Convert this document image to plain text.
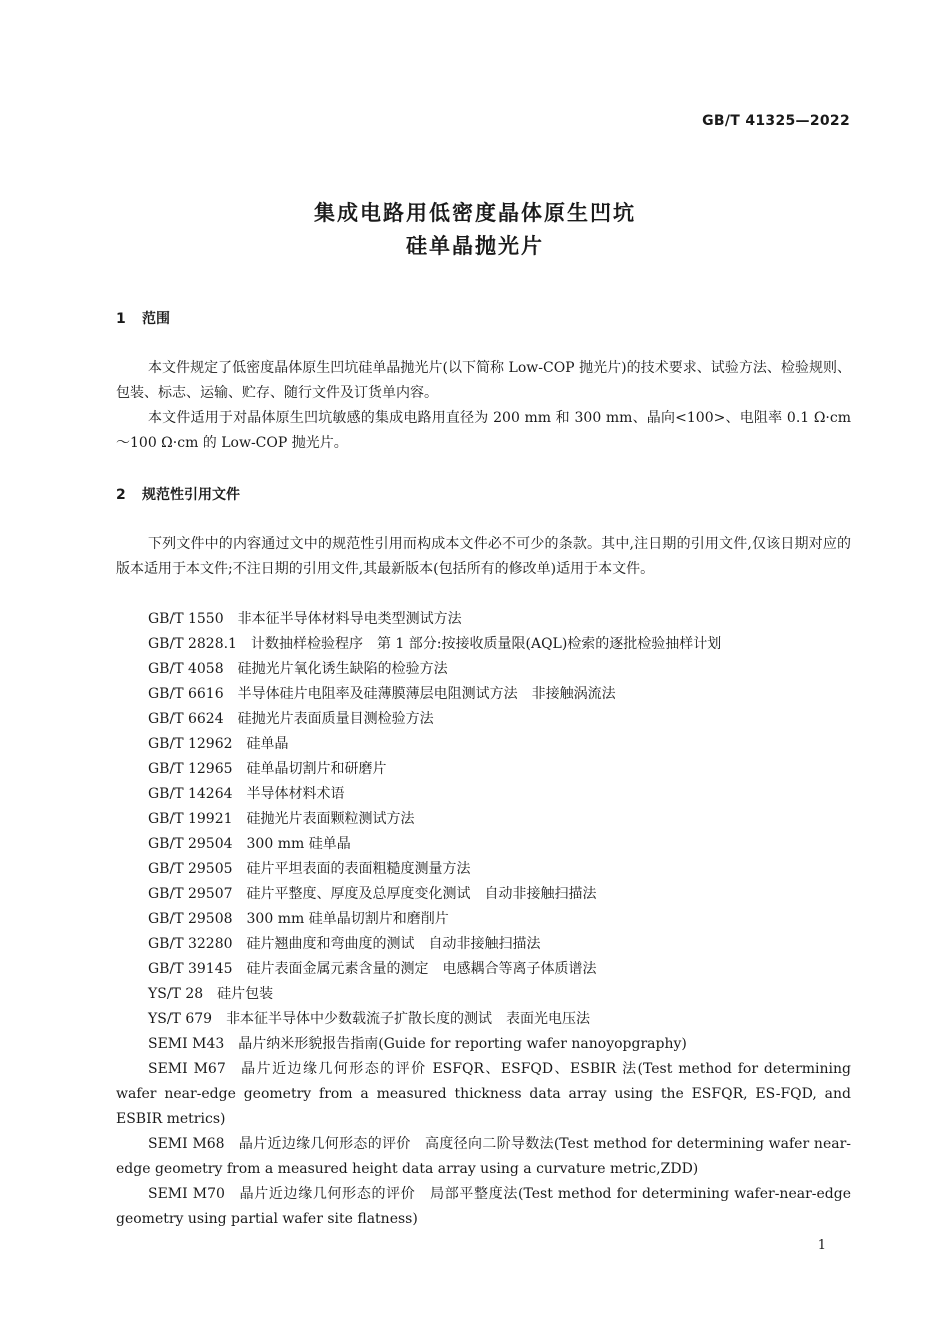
GB/T 41325—2022
集成电路用低密度晶体原生凹坑
硅单晶抛光片
1 范围

本文件规定了低密度晶体原生凹坑硅单晶抛光片(以下简称 Low-COP 抛光片)的技术要求、试验方法、检验规则、包装、标志、运输、贮存、随行文件及订货单内容。

本文件适用于对晶体原生凹坑敏感的集成电路用直径为 200 mm 和 300 mm、晶向<100>、电阻率 0.1 Ω·cm～100 Ω·cm 的 Low-COP 抛光片。

2 规范性引用文件

下列文件中的内容通过文中的规范性引用而构成本文件必不可少的条款。其中,注日期的引用文件,仅该日期对应的版本适用于本文件;不注日期的引用文件,其最新版本(包括所有的修改单)适用于本文件。

GB/T 1550 非本征半导体材料导电类型测试方法
GB/T 2828.1 计数抽样检验程序　第 1 部分:按接收质量限(AQL)检索的逐批检验抽样计划
GB/T 4058 硅抛光片氧化诱生缺陷的检验方法
GB/T 6616 半导体硅片电阻率及硅薄膜薄层电阻测试方法　非接触涡流法
GB/T 6624 硅抛光片表面质量目测检验方法
GB/T 12962 硅单晶
GB/T 12965 硅单晶切割片和研磨片
GB/T 14264 半导体材料术语
GB/T 19921 硅抛光片表面颗粒测试方法
GB/T 29504 300 mm 硅单晶
GB/T 29505 硅片平坦表面的表面粗糙度测量方法
GB/T 29507 硅片平整度、厚度及总厚度变化测试　自动非接触扫描法
GB/T 29508 300 mm 硅单晶切割片和磨削片
GB/T 32280 硅片翘曲度和弯曲度的测试　自动非接触扫描法
GB/T 39145 硅片表面金属元素含量的测定　电感耦合等离子体质谱法
YS/T 28 硅片包装
YS/T 679 非本征半导体中少数载流子扩散长度的测试　表面光电压法
SEMI M43 晶片纳米形貌报告指南(Guide for reporting wafer nanoyopgraphy)
SEMI M67 晶片近边缘几何形态的评价 ESFQR、ESFQD、ESBIR 法(Test method for determining wafer near-edge geometry from a measured thickness data array using the ESFQR, ES-FQD, and ESBIR metrics)
SEMI M68 晶片近边缘几何形态的评价　高度径向二阶导数法(Test method for determining wafer near-edge geometry from a measured height data array using a curvature metric,ZDD)
SEMI M70 晶片近边缘几何形态的评价　局部平整度法(Test method for determining wafer-near-edge geometry using partial wafer site flatness)
1
